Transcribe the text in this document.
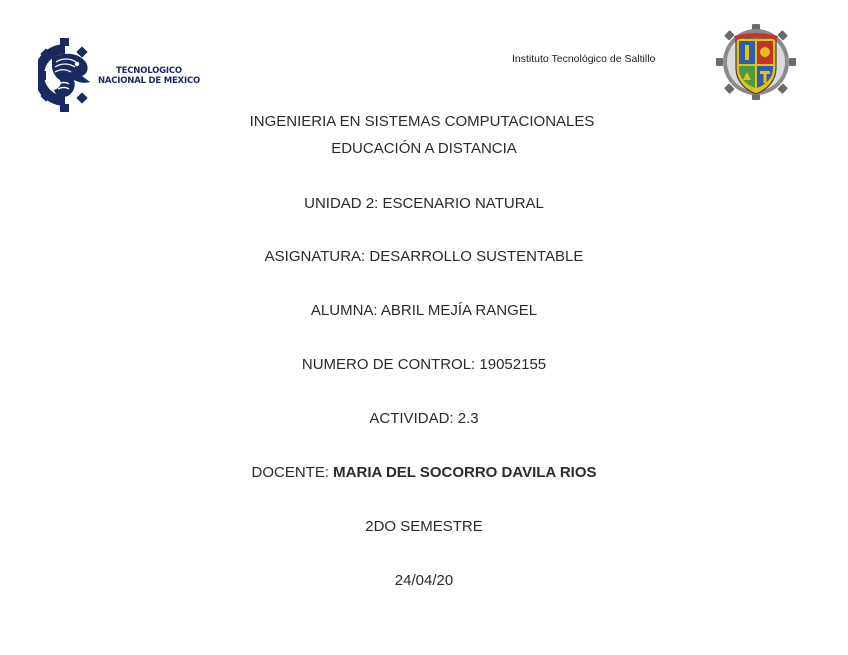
TECNOLOGICO
NACIONAL DE MEXICO
Instituto Tecnológico de Saltillo
INGENIERIA EN SISTEMAS COMPUTACIONALES
EDUCACIÓN A DISTANCIA
UNIDAD 2: ESCENARIO NATURAL
ASIGNATURA: DESARROLLO SUSTENTABLE
ALUMNA: ABRIL MEJÍA RANGEL
NUMERO DE CONTROL: 19052155
ACTIVIDAD: 2.3
DOCENTE: MARIA DEL SOCORRO DAVILA RIOS
2DO SEMESTRE
24/04/20
